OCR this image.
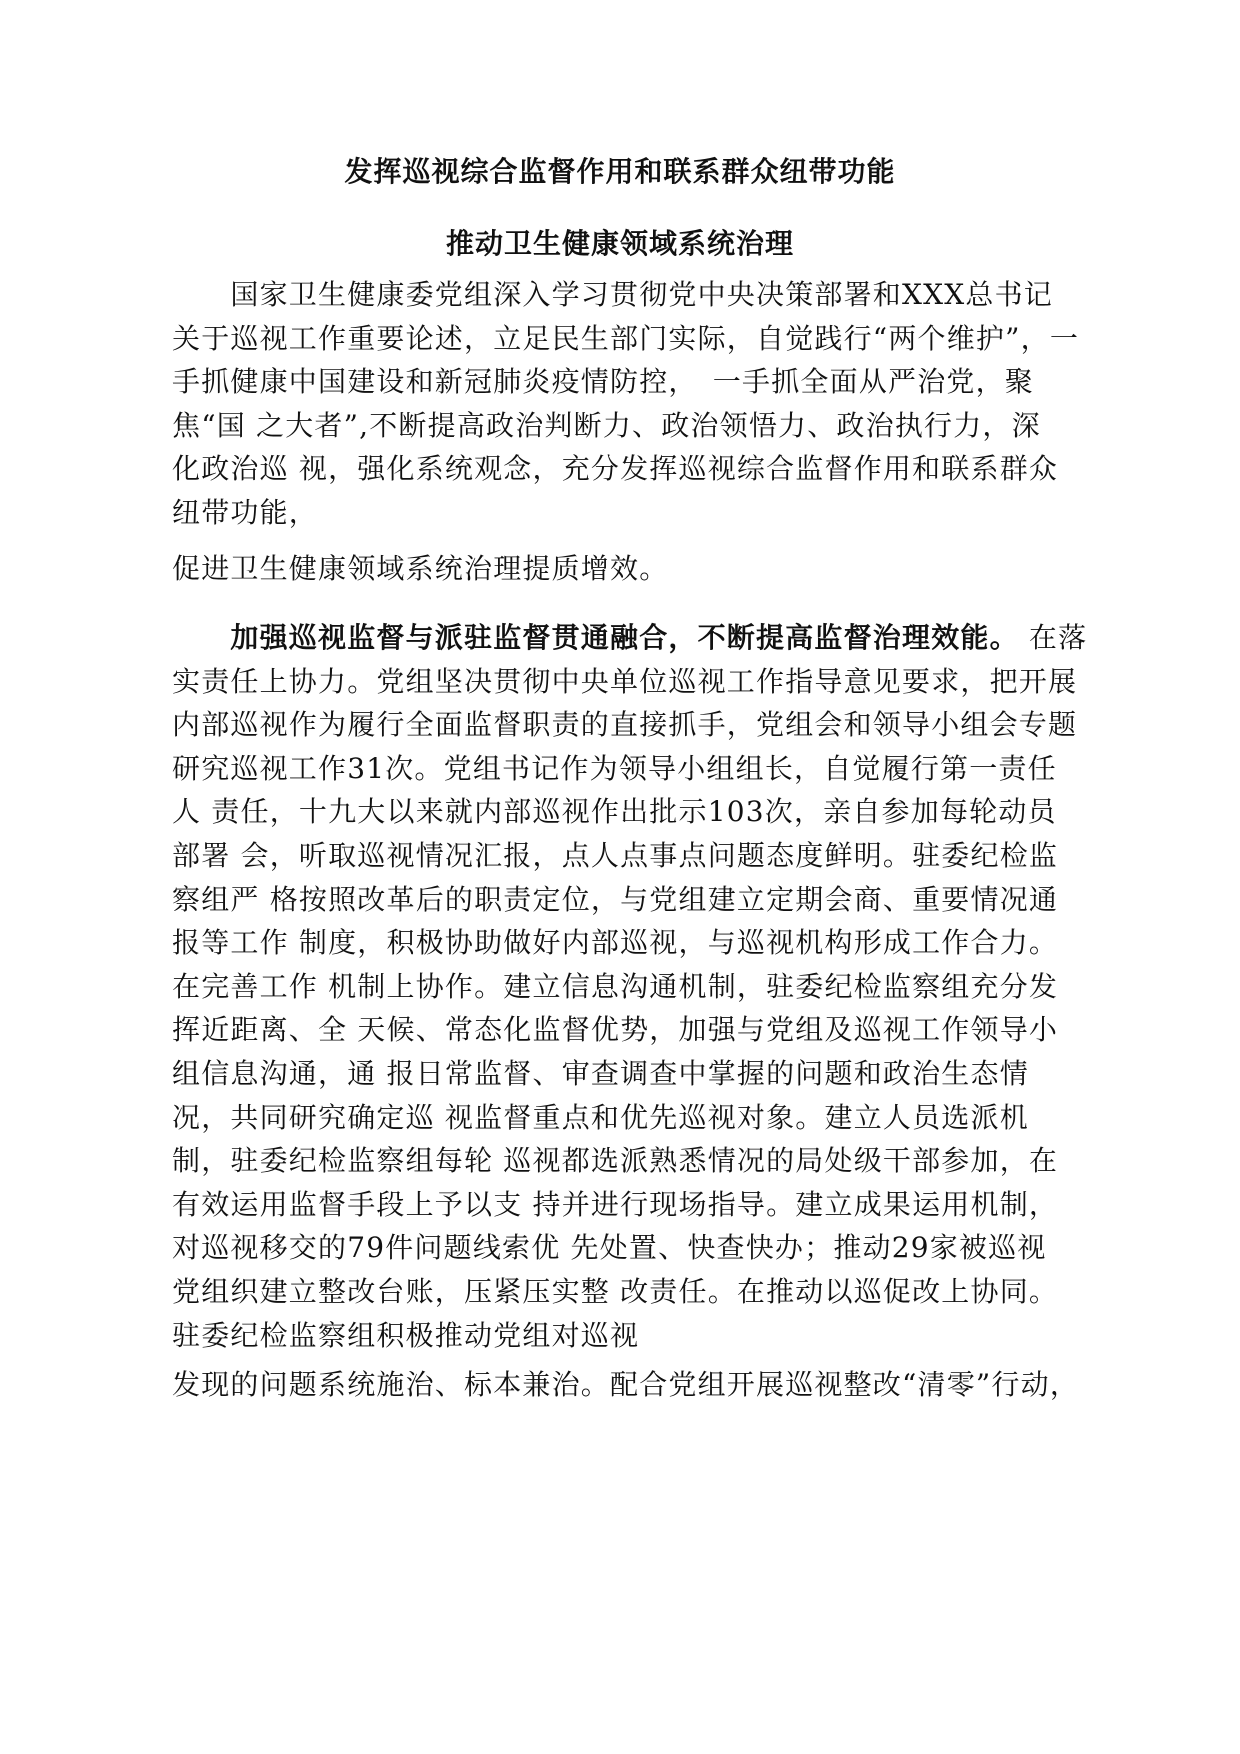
发挥巡视综合监督作用和联系群众纽带功能
推动卫生健康领域系统治理
　　国家卫生健康委党组深入学习贯彻党中央决策部署和XXX总书记
关于巡视工作重要论述，立足民生部门实际，自觉践行“两个维护”，一
手抓健康中国建设和新冠肺炎疫情防控，　一手抓全面从严治党，聚
焦“国 之大者”,不断提高政治判断力、政治领悟力、政治执行力，深
化政治巡 视，强化系统观念，充分发挥巡视综合监督作用和联系群众
纽带功能，
促进卫生健康领域系统治理提质增效。
　　加强巡视监督与派驻监督贯通融合，不断提高监督治理效能。 在落
实责任上协力。党组坚决贯彻中央单位巡视工作指导意见要求，把开展
内部巡视作为履行全面监督职责的直接抓手，党组会和领导小组会专题
研究巡视工作31次。党组书记作为领导小组组长，自觉履行第一责任
人 责任，十九大以来就内部巡视作出批示103次，亲自参加每轮动员
部署 会，听取巡视情况汇报，点人点事点问题态度鲜明。驻委纪检监
察组严 格按照改革后的职责定位，与党组建立定期会商、重要情况通
报等工作 制度，积极协助做好内部巡视，与巡视机构形成工作合力。
在完善工作 机制上协作。建立信息沟通机制，驻委纪检监察组充分发
挥近距离、全 天候、常态化监督优势，加强与党组及巡视工作领导小
组信息沟通，通 报日常监督、审查调查中掌握的问题和政治生态情
况，共同研究确定巡 视监督重点和优先巡视对象。建立人员选派机
制，驻委纪检监察组每轮 巡视都选派熟悉情况的局处级干部参加，在
有效运用监督手段上予以支 持并进行现场指导。建立成果运用机制，
对巡视移交的79件问题线索优 先处置、快查快办；推动29家被巡视
党组织建立整改台账，压紧压实整 改责任。在推动以巡促改上协同。
驻委纪检监察组积极推动党组对巡视
发现的问题系统施治、标本兼治。配合党组开展巡视整改“清零”行动，
